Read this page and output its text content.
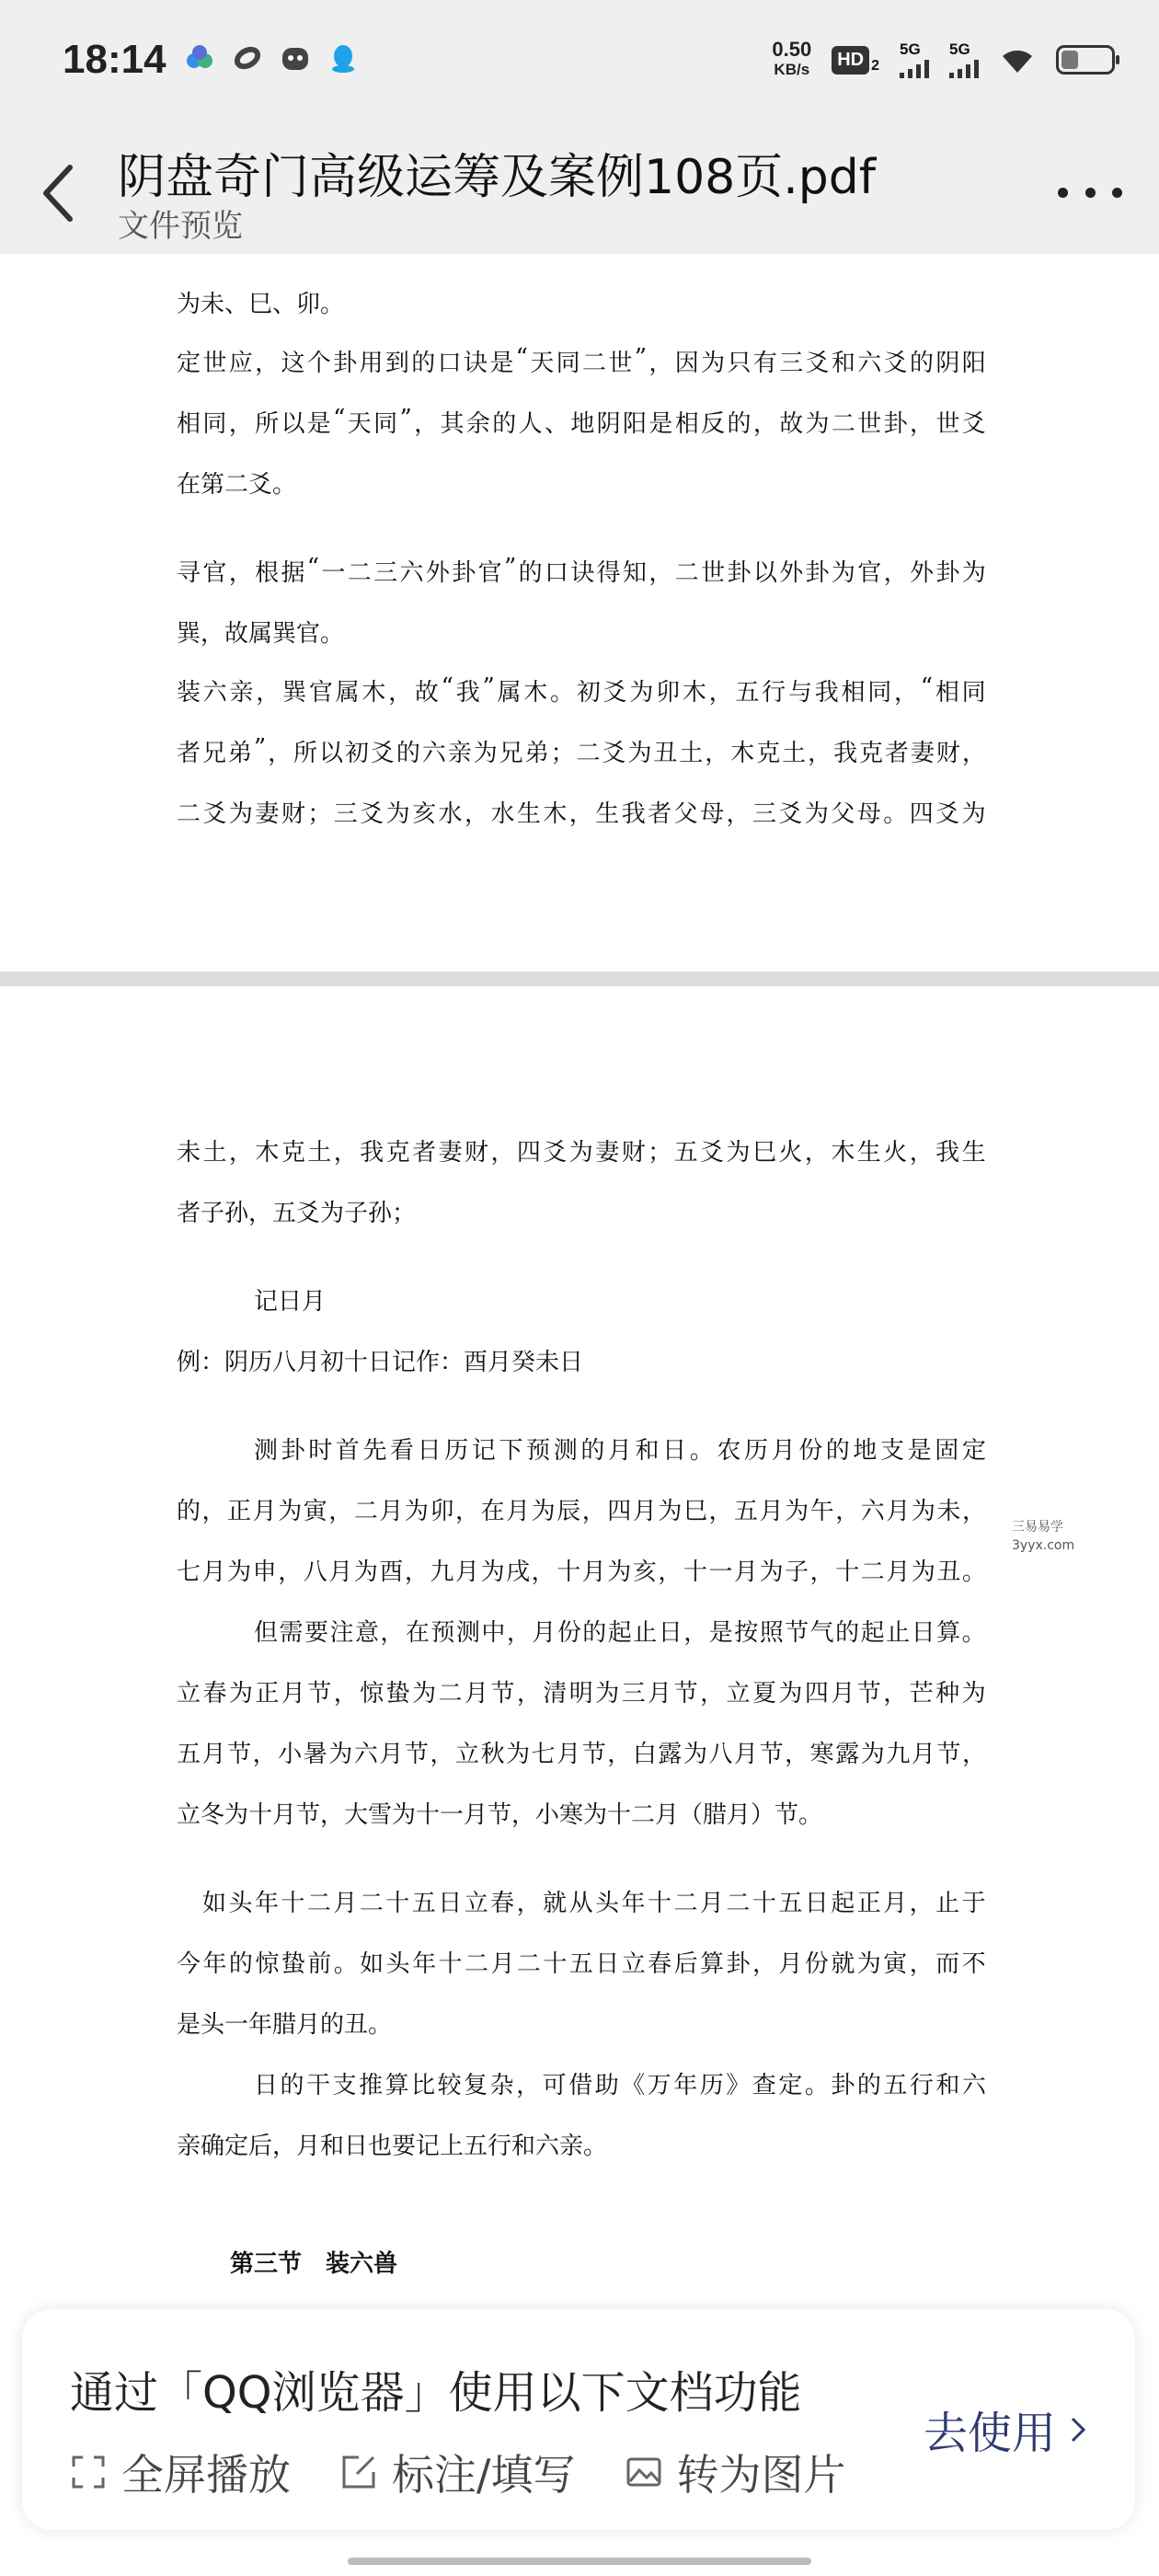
18:14	0.50
KB/s	HD 2
5G 5G
阴盘奇门高级运筹及案例108页.pdf
文件预览
为未、巳、卯。
定 世 应 ， 这 个 卦 用 到 的 口 诀 是 “ 天 同 二 世 ” ， 因 为 只 有 三 爻 和 六 爻 的 阴 阳
相 同 ， 所 以 是 “ 天 同 ” ， 其 余 的 人 、 地 阴 阳 是 相 反 的 ， 故 为 二 世 卦 ， 世 爻
在第二爻。
寻 官 ， 根 据 “ 一 二 三 六 外 卦 官 ” 的 口 诀 得 知 ， 二 世 卦 以 外 卦 为 官 ， 外 卦 为
巽，故属巽官。
装 六 亲 ， 巽 官 属 木 ， 故 “ 我 ” 属 木 。 初 爻 为 卯 木 ， 五 行 与 我 相 同 ， “ 相 同
者 兄 弟 ” ， 所 以 初 爻 的 六 亲 为 兄 弟 ； 二 爻 为 丑 土 ， 木 克 土 ， 我 克 者 妻 财 ，
二 爻 为 妻 财 ； 三 爻 为 亥 水 ， 水 生 木 ， 生 我 者 父 母 ， 三 爻 为 父 母 。 四 爻 为
未 土 ， 木 克 土 ， 我 克 者 妻 财 ， 四 爻 为 妻 财 ； 五 爻 为 巳 火 ， 木 生 火 ， 我 生
者子孙，五爻为子孙；
记日月
例：阴历八月初十日记作：酉月癸未日
测 卦 时 首 先 看 日 历 记 下 预 测 的 月 和 日 。 农 历 月 份 的 地 支 是 固 定
的 ， 正 月 为 寅 ， 二 月 为 卯 ， 在 月 为 辰 ， 四 月 为 巳 ， 五 月 为 午 ， 六 月 为 未 ，
七 月 为 申 ， 八 月 为 酉 ， 九 月 为 戌 ， 十 月 为 亥 ， 十 一 月 为 子 ， 十 二 月 为 丑 。
但 需 要 注 意 ， 在 预 测 中 ， 月 份 的 起 止 日 ， 是 按 照 节 气 的 起 止 日 算 。
立 春 为 正 月 节 ， 惊 蛰 为 二 月 节 ， 清 明 为 三 月 节 ， 立 夏 为 四 月 节 ， 芒 种 为
五 月 节 ， 小 暑 为 六 月 节 ， 立 秋 为 七 月 节 ， 白 露 为 八 月 节 ， 寒 露 为 九 月 节 ，
立冬为十月节，大雪为十一月节，小寒为十二月（腊月）节。
如 头 年 十 二 月 二 十 五 日 立 春 ， 就 从 头 年 十 二 月 二 十 五 日 起 正 月 ， 止 于
今 年 的 惊 蛰 前 。 如 头 年 十 二 月 二 十 五 日 立 春 后 算 卦 ， 月 份 就 为 寅 ， 而 不
是头一年腊月的丑。
日 的 干 支 推 算 比 较 复 杂 ， 可 借 助 《 万 年 历 》 查 定 。 卦 的 五 行 和 六
亲确定后，月和日也要记上五行和六亲。
第三节　装六兽
三易易学
3yyx.com
通过「QQ浏览器」使用以下文档功能
全屏播放 标注/填写 转为图片
去使用
